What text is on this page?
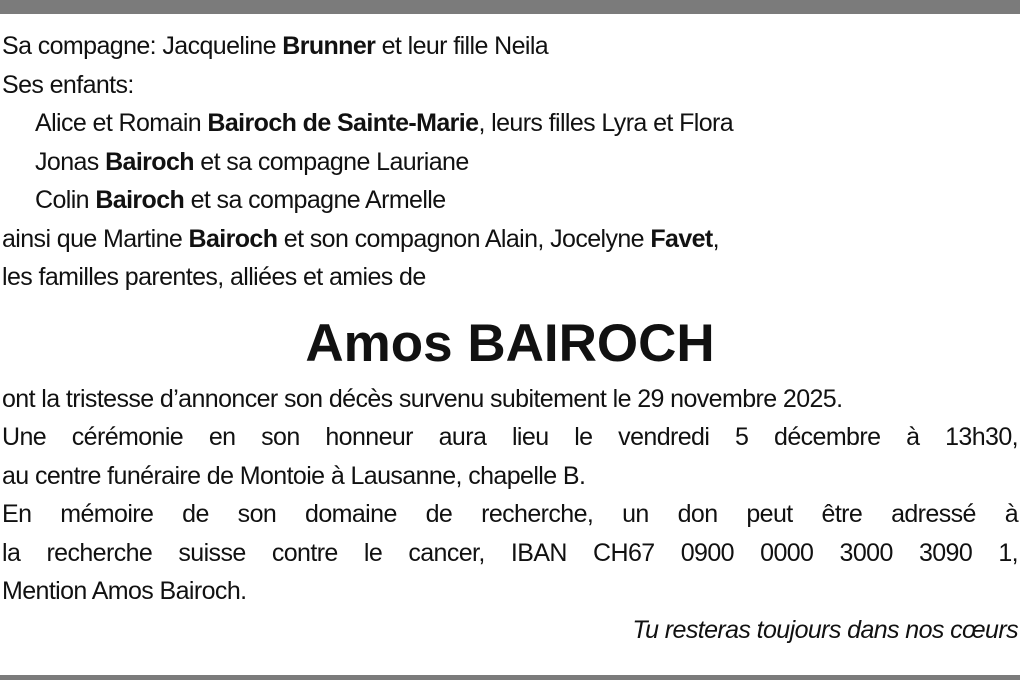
Sa compagne: Jacqueline Brunner et leur fille Neila
Ses enfants:
Alice et Romain Bairoch de Sainte-Marie, leurs filles Lyra et Flora
Jonas Bairoch et sa compagne Lauriane
Colin Bairoch et sa compagne Armelle
ainsi que Martine Bairoch et son compagnon Alain, Jocelyne Favet,
les familles parentes, alliées et amies de
Amos BAIROCH
ont la tristesse d’annoncer son décès survenu subitement le 29 novembre 2025.
Une cérémonie en son honneur aura lieu le vendredi 5 décembre à 13h30,
au centre funéraire de Montoie à Lausanne, chapelle B.
En mémoire de son domaine de recherche, un don peut être adressé à
la recherche suisse contre le cancer, IBAN CH67 0900 0000 3000 3090 1,
Mention Amos Bairoch.
Tu resteras toujours dans nos cœurs
